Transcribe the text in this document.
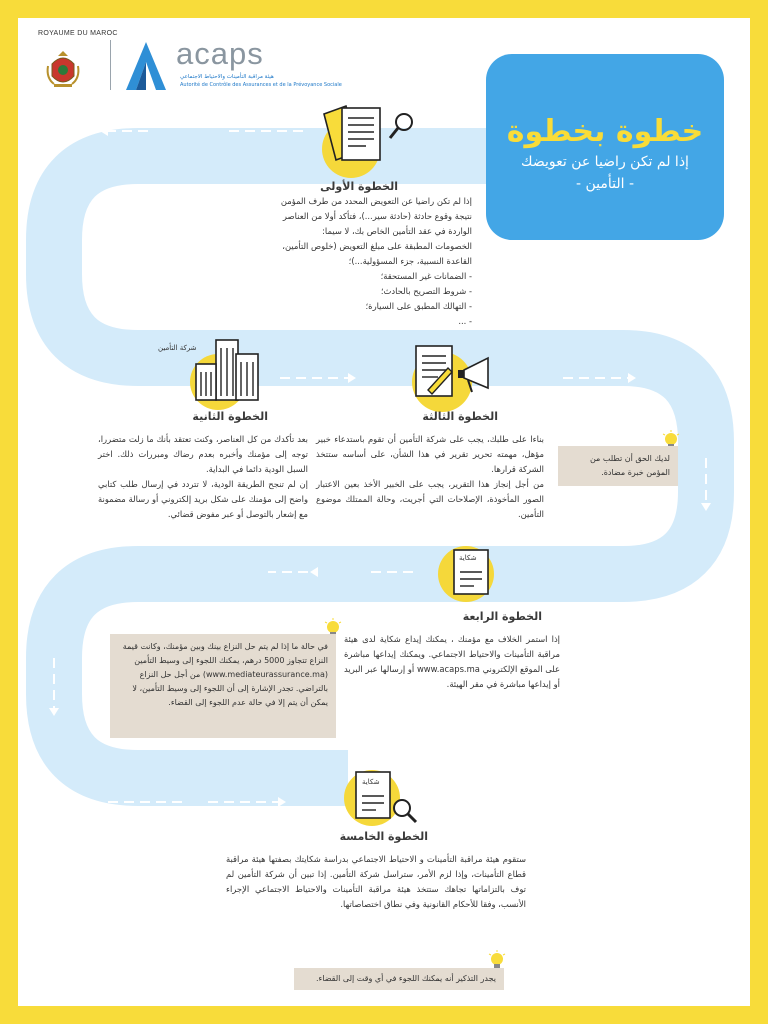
ROYAUME DU MAROC
acaps
هيئة مراقبة التأمينات والاحتياط الاجتماعي
Autorité de Contrôle des Assurances et de la Prévoyance Sociale
خطوة بخطوة
إذا لم تكن راضيا عن تعويضك
- التأمين -
الخطوة الأولى

إذا لم تكن راضيا عن التعويض المحدد من طرف المؤمن

نتيجة وقوع حادثة (حادثة سير...)، فتأكد أولا من العناصر

الواردة في عقد التأمين الخاص بك، لا سيما:

الخصومات المطبقة على مبلغ التعويض (خلوص التأمين،

القاعدة النسبية، جزء المسؤولية...)؛

- الضمانات غير المستحقة؛

- شروط التصريح بالحادث؛

- التهالك المطبق على السيارة؛

- ...

شركة التأمين
الخطوة الثانية

بعد تأكدك من كل العناصر، وكنت تعتقد بأنك ما زلت متضررا، توجه إلى مؤمنك وأخبره بعدم رضاك ومبررات ذلك. اختر السبل الودية دائما في البداية.

إن لم تنجح الطريقة الودية، لا تتردد في إرسال طلب كتابي واضح إلى مؤمنك على شكل بريد إلكتروني أو رسالة مضمونة مع إشعار بالتوصل أو عبر مفوض قضائي.

الخطوة الثالثة

بناءا على طلبك، يجب على شركة التأمين أن تقوم باستدعاء خبير مؤهل، مهمته تحرير تقرير في هذا الشأن، على أساسه ستتخذ الشركة قرارها.

من أجل إنجاز هذا التقرير، يجب على الخبير الأخذ بعين الاعتبار الصور المأخوذة، الإصلاحات التي أجريت، وحالة الممتلك موضوع التأمين.

لديك الحق أن تطلب من المؤمن خبرة مضادة.
شكاية
الخطوة الرابعة
إذا استمر الخلاف مع مؤمنك ، يمكنك إيداع شكاية لدى هيئة مراقبة التأمينات والاحتياط الاجتماعي. ويمكنك إيداعها مباشرة على الموقع الإلكتروني www.acaps.ma أو إرسالها عبر البريد أو إيداعها مباشرة في مقر الهيئة.
في حالة ما إذا لم يتم حل النزاع بينك وبين مؤمنك، وكانت قيمة النزاع تتجاوز 5000 درهم، يمكنك اللجوء إلى وسيط التأمين (www.mediateurassurance.ma) من أجل حل النزاع بالتراضي. تجدر الإشارة إلى أن اللجوء إلى وسيط التأمين، لا يمكن أن يتم إلا في حالة عدم اللجوء إلى القضاء.
شكاية
الخطوة الخامسة
ستقوم هيئة مراقبة التأمينات و الاحتياط الاجتماعي بدراسة شكايتك بصفتها هيئة مراقبة قطاع التأمينات، وإذا لزم الأمر، ستراسل شركة التأمين. إذا تبين أن شركة التأمين لم توف بالتزاماتها تجاهك ستتخذ هيئة مراقبة التأمينات والاحتياط الاجتماعي الإجراء الأنسب، وفقا للأحكام القانونية وفي نطاق اختصاصاتها.
يجدر التذكير أنه يمكنك اللجوء في أي وقت إلى القضاء.
